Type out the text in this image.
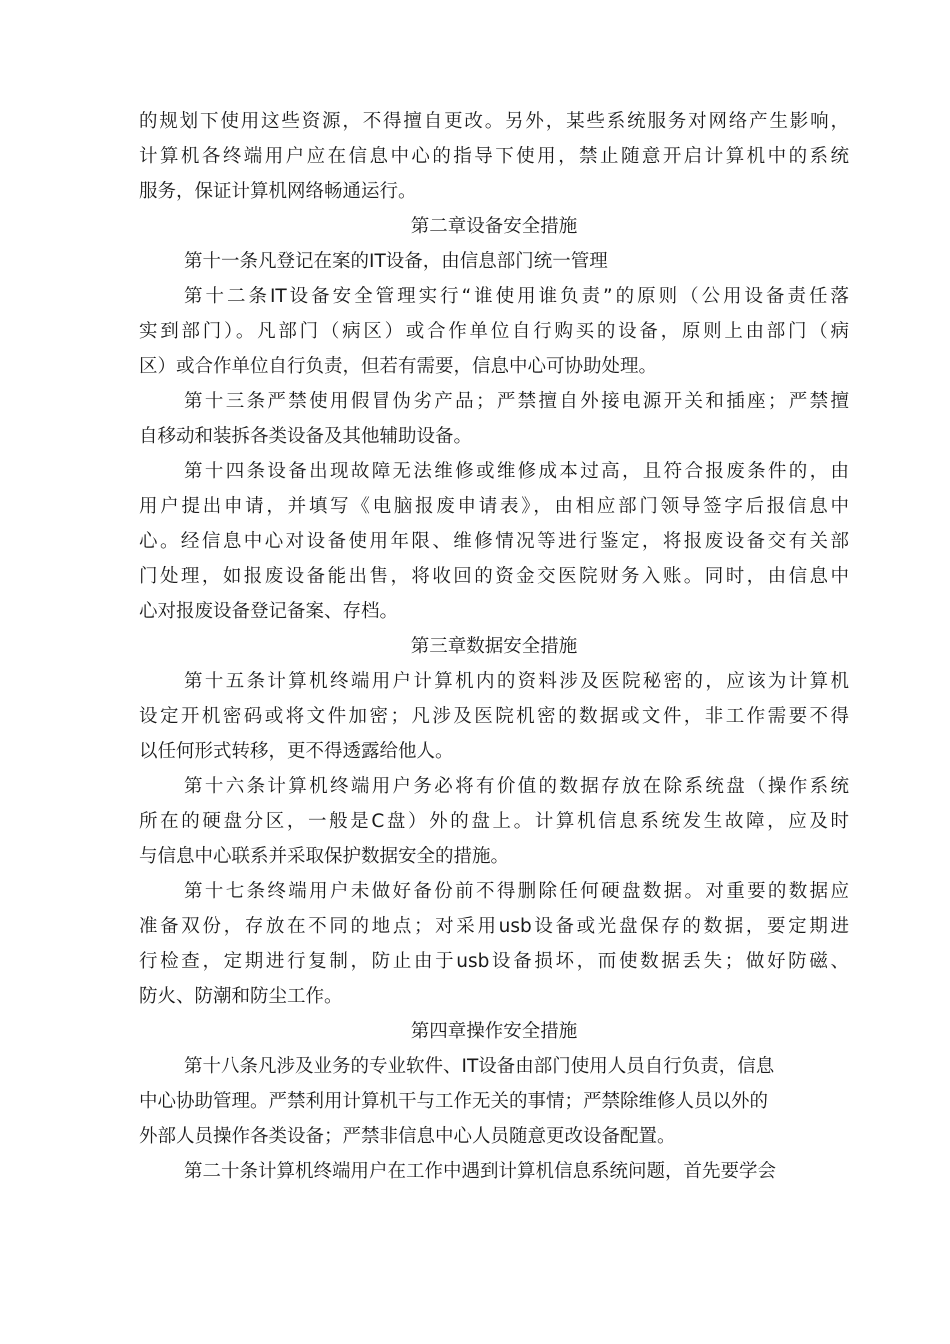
的规划下使用这些资源，不得擅自更改。另外，某些系统服务对网络产生影响，
计算机各终端用户应在信息中心的指导下使用，禁止随意开启计算机中的系统
服务，保证计算机网络畅通运行。
第二章设备安全措施
第十一条凡登记在案的IT设备，由信息部门统一管理
第十二条IT设备安全管理实行“谁使用谁负责”的原则（公用设备责任落
实到部门）。凡部门（病区）或合作单位自行购买的设备，原则上由部门（病
区）或合作单位自行负责，但若有需要，信息中心可协助处理。
第十三条严禁使用假冒伪劣产品；严禁擅自外接电源开关和插座；严禁擅
自移动和装拆各类设备及其他辅助设备。
第十四条设备出现故障无法维修或维修成本过高，且符合报废条件的，由
用户提出申请，并填写《电脑报废申请表》，由相应部门领导签字后报信息中
心。经信息中心对设备使用年限、维修情况等进行鉴定，将报废设备交有关部
门处理，如报废设备能出售，将收回的资金交医院财务入账。同时，由信息中
心对报废设备登记备案、存档。
第三章数据安全措施
第十五条计算机终端用户计算机内的资料涉及医院秘密的，应该为计算机
设定开机密码或将文件加密；凡涉及医院机密的数据或文件，非工作需要不得
以任何形式转移，更不得透露给他人。
第十六条计算机终端用户务必将有价值的数据存放在除系统盘（操作系统
所在的硬盘分区，一般是C盘）外的盘上。计算机信息系统发生故障，应及时
与信息中心联系并采取保护数据安全的措施。
第十七条终端用户未做好备份前不得删除任何硬盘数据。对重要的数据应
准备双份，存放在不同的地点；对采用usb设备或光盘保存的数据，要定期进
行检查，定期进行复制，防止由于usb设备损坏，而使数据丢失；做好防磁、
防火、防潮和防尘工作。
第四章操作安全措施
第十八条凡涉及业务的专业软件、IT设备由部门使用人员自行负责，信息
中心协助管理。严禁利用计算机干与工作无关的事情；严禁除维修人员以外的
外部人员操作各类设备；严禁非信息中心人员随意更改设备配置。
第二十条计算机终端用户在工作中遇到计算机信息系统问题，首先要学会
